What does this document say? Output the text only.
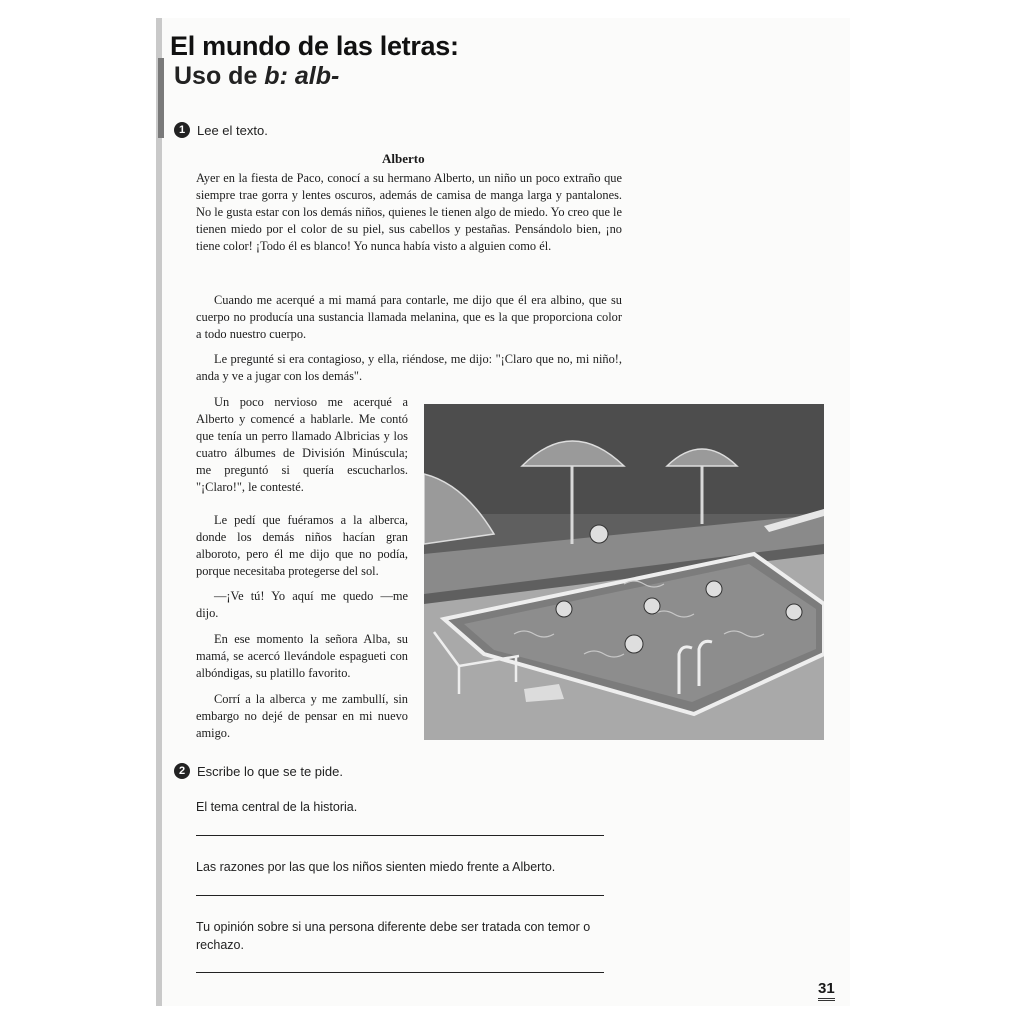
El mundo de las letras:
Uso de b: alb-
1 Lee el texto.
Alberto

Ayer en la fiesta de Paco, conocí a su hermano Alberto, un niño un poco extraño que siempre trae gorra y lentes oscuros, además de camisa de manga larga y pantalones. No le gusta estar con los demás niños, quienes le tienen algo de miedo. Yo creo que le tienen miedo por el color de su piel, sus cabellos y pestañas. Pensándolo bien, ¡no tiene color! ¡Todo él es blanco! Yo nunca había visto a alguien como él.

Cuando me acerqué a mi mamá para contarle, me dijo que él era albino, que su cuerpo no producía una sustancia llamada melanina, que es la que proporciona color a todo nuestro cuerpo.

Le pregunté si era contagioso, y ella, riéndose, me dijo: "¡Claro que no, mi niño!, anda y ve a jugar con los demás".

Un poco nervioso me acerqué a Alberto y comencé a hablarle. Me contó que tenía un perro llamado Albricias y los cuatro álbumes de División Minúscula; me preguntó si quería escucharlos. "¡Claro!", le contesté.

Le pedí que fuéramos a la alberca, donde los demás niños hacían gran alboroto, pero él me dijo que no podía, porque necesitaba protegerse del sol.

—¡Ve tú! Yo aquí me quedo —me dijo.

En ese momento la señora Alba, su mamá, se acercó llevándole espagueti con albóndigas, su platillo favorito.

Corrí a la alberca y me zambullí, sin embargo no dejé de pensar en mi nuevo amigo.

2 Escribe lo que se te pide.
El tema central de la historia.
Las razones por las que los niños sienten miedo frente a Alberto.
Tu opinión sobre si una persona diferente debe ser tratada con temor o rechazo.
31
